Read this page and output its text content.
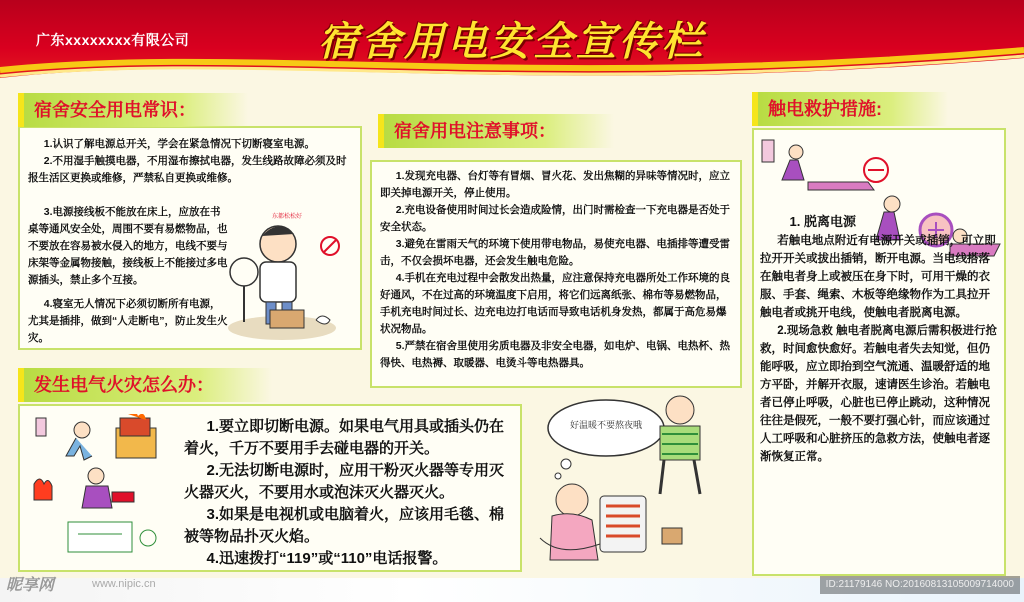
广东xxxxxxxx有限公司	宿舍用电安全宣传栏
宿舍安全用电常识：

1.认识了解电源总开关，学会在紧急情况下切断寝室电源。

2.不用湿手触摸电器，不用湿布擦拭电器，发生线路故障必须及时报生活区更换或维修，严禁私自更换或维修。

3.电源接线板不能放在床上，应放在书桌等通风安全处，周围不要有易燃物品，也不要放在容易被水侵入的地方，电线不要与床架等金属物接触，接线板上不能接过多电源插头，禁止多个互接。

4.寝室无人情况下必须切断所有电源，尤其是插排，做到“人走断电”，防止发生火灾。

东都松松好
发生电气火灾怎么办：

1.要立即切断电源。如果电气用具或插头仍在着火，千万不要用手去碰电器的开关。

2.无法切断电源时，应用干粉灭火器等专用灭火器灭火，不要用水或泡沫灭火器灭火。

3.如果是电视机或电脑着火，应该用毛毯、棉被等物品扑灭火焰。

4.迅速拨打“119”或“110”电话报警。

宿舍用电注意事项：

1.发现充电器、台灯等有冒烟、冒火花、发出焦糊的异味等情况时，应立即关掉电源开关，停止使用。

2.充电设备使用时间过长会造成险情，出门时需检查一下充电器是否处于安全状态。

3.避免在雷雨天气的环境下使用带电物品，易使充电器、电插排等遭受雷击，不仅会损坏电器，还会发生触电危险。

4.手机在充电过程中会散发出热量，应注意保持充电器所处工作环境的良好通风，不在过高的环境温度下启用，将它们远离纸张、棉布等易燃物品，手机充电时间过长、边充电边打电话而导致电话机身发热，都属于高危易爆状况物品。

5.严禁在宿舍里使用劣质电器及非安全电器，如电炉、电锅、电热杯、热得快、电热褥、取暖器、电烫斗等电热器具。

好温暖不要熬夜哦
触电救护措施:

1. 脱离电源

若触电地点附近有电源开关或插销，可立即拉开开关或拔出插销，断开电源。当电线搭落在触电者身上或被压在身下时，可用干燥的衣服、手套、绳索、木板等绝缘物作为工具拉开触电者或挑开电线，使触电者脱离电源。

2.现场急救 触电者脱离电源后需积极进行抢救，时间愈快愈好。若触电者失去知觉，但仍能呼吸，应立即抬到空气流通、温暖舒适的地方平卧，并解开衣服，速请医生诊治。若触电者已停止呼吸，心脏也已停止跳动，这种情况往往是假死，一般不要打强心针，而应该通过人工呼吸和心脏挤压的急救方法，使触电者逐渐恢复正常。

昵享网	www.nipic.cn	ID:21179146 NO:20160813105009714000
